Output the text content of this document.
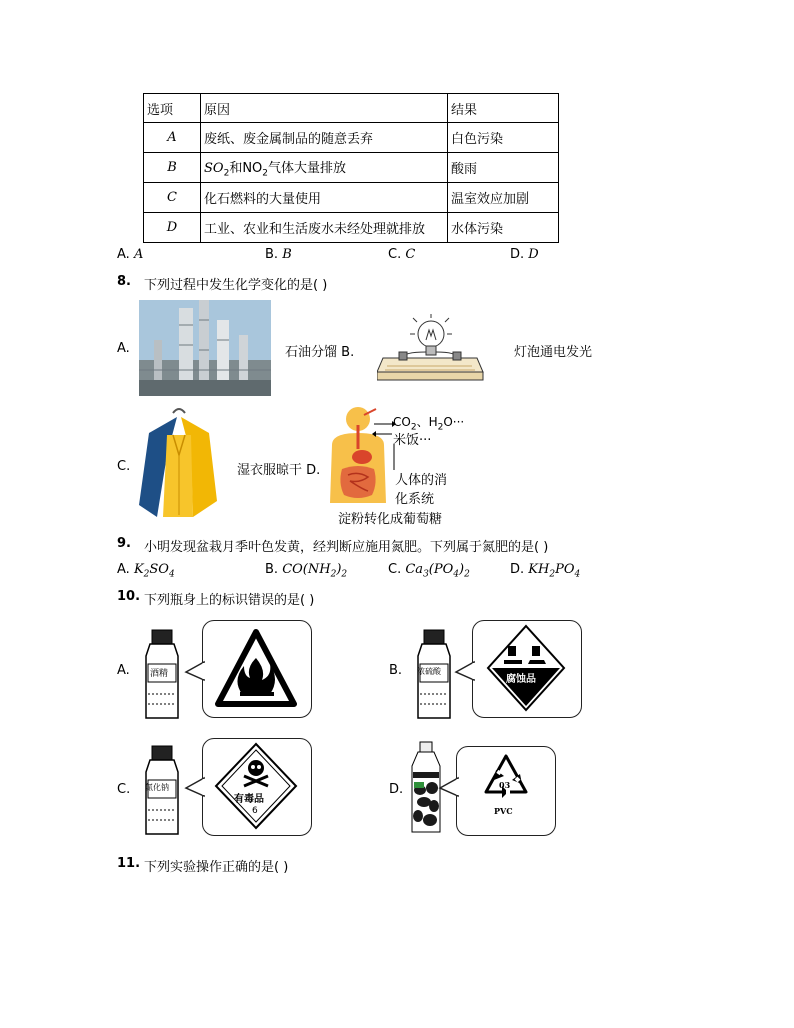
选项	原因	结果
A	废纸、废金属制品的随意丢弃	白色污染
B	$SO_2$和$NO_2$气体大量排放	酸雨
C	化石燃料的大量使用	温室效应加剧
D	工业、农业和生活废水未经处理就排放	水体污染
A. A	B. B	C. C	D. D
8. 下列过程中发生化学变化的是( )
A.	石油分馏 B.	灯泡通电发光
C.	湿衣服晾干 D.
$CO_2$、$H_2O\cdot\cdot\cdot$
米饭···
人体的消
化系统
淀粉转化成葡萄糖
9. 小明发现盆栽月季叶色发黄，经判断应施用氮肥。下列属于氮肥的是( )
A. $K_2SO_4$	B. $CO(NH_2)_2$	C. $Ca_3(PO_4)_2$	D. $KH_2PO_4$
10. 下列瓶身上的标识错误的是( )
A. 酒精	B. 浓硫酸
腐蚀品
C. 氯化钠
有毒品
6
D.	03
PVC
11. 下列实验操作正确的是( )
